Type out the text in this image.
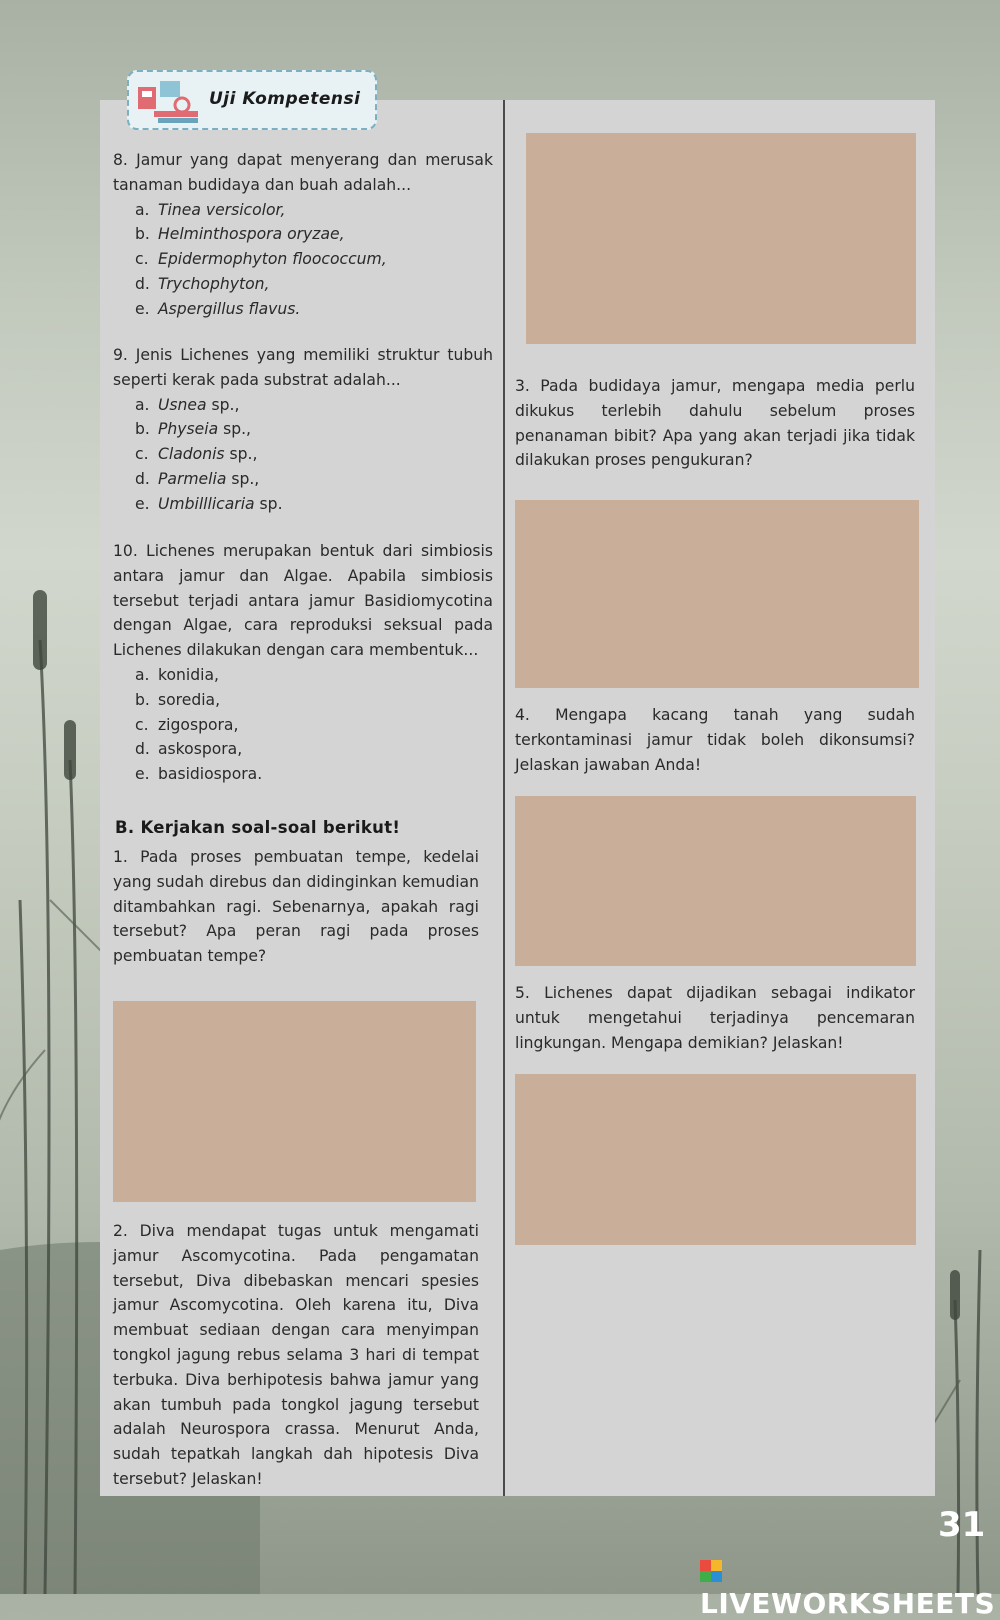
Uji Kompetensi

8. Jamur yang dapat menyerang dan merusak tanaman budidaya dan buah adalah...

a. Tinea versicolor,
b. Helminthospora oryzae,
c. Epidermophyton floococcum,
d. Trychophyton,
e. Aspergillus flavus.

9. Jenis Lichenes yang memiliki struktur tubuh seperti kerak pada substrat adalah...

a. Usnea sp.,
b. Physeia sp.,
c. Cladonis sp.,
d. Parmelia sp.,
e. Umbilllicaria sp.

10. Lichenes merupakan bentuk dari simbiosis antara jamur dan Algae. Apabila simbiosis tersebut terjadi antara jamur Basidiomycotina dengan Algae, cara reproduksi seksual pada Lichenes dilakukan dengan cara membentuk...

a. konidia,
b. soredia,
c. zigospora,
d. askospora,
e. basidiospora.
B. Kerjakan soal-soal berikut!

1. Pada proses pembuatan tempe, kedelai yang sudah direbus dan didinginkan kemudian ditambahkan ragi. Sebenarnya, apakah ragi tersebut? Apa peran ragi pada proses pembuatan tempe?

2. Diva mendapat tugas untuk mengamati jamur Ascomycotina. Pada pengamatan tersebut, Diva dibebaskan mencari spesies jamur Ascomycotina. Oleh karena itu, Diva membuat sediaan dengan cara menyimpan tongkol jagung rebus selama 3 hari di tempat terbuka. Diva berhipotesis bahwa jamur yang akan tumbuh pada tongkol jagung tersebut adalah Neurospora crassa. Menurut Anda, sudah tepatkah langkah dah hipotesis Diva tersebut? Jelaskan!

3. Pada budidaya jamur, mengapa media perlu dikukus terlebih dahulu sebelum proses penanaman bibit? Apa yang akan terjadi jika tidak dilakukan proses pengukuran?

4. Mengapa kacang tanah yang sudah terkontaminasi jamur tidak boleh dikonsumsi? Jelaskan jawaban Anda!

5. Lichenes dapat dijadikan sebagai indikator untuk mengetahui terjadinya pencemaran lingkungan. Mengapa demikian? Jelaskan!

31
LIVEWORKSHEETS
